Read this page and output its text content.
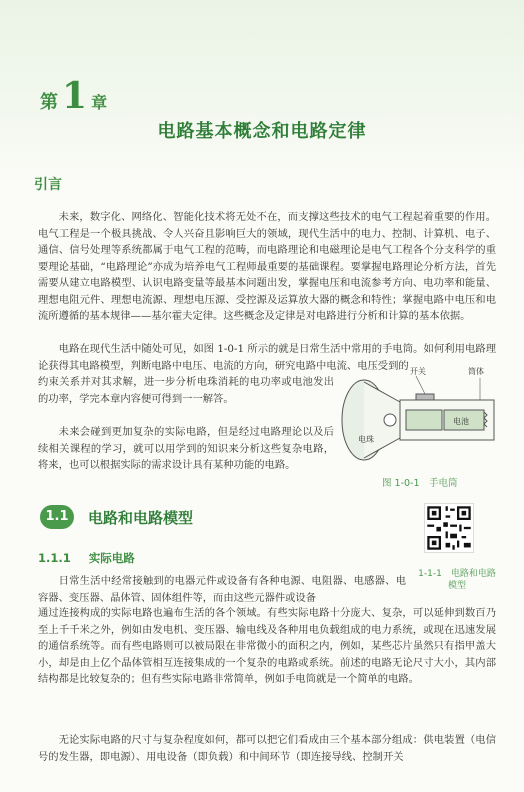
第 1 章
电路基本概念和电路定律
引言
未来，数字化、网络化、智能化技术将无处不在，而支撑这些技术的电气工程起着重要的作用。电气工程是一个极具挑战、令人兴奋且影响巨大的领域，现代生活中的电力、控制、计算机、电子、通信、信号处理等系统都属于电气工程的范畴，而电路理论和电磁理论是电气工程各个分支科学的重要理论基础，“电路理论”亦成为培养电气工程师最重要的基础课程。要掌握电路理论分析方法，首先需要从建立电路模型、认识电路变量等最基本问题出发，掌握电压和电流参考方向、电功率和能量、理想电阻元件、理想电流源、理想电压源、受控源及运算放大器的概念和特性；掌握电路中电压和电流所遵循的基本规律——基尔霍夫定律。这些概念及定律是对电路进行分析和计算的基本依据。
电路在现代生活中随处可见，如图 1-0-1 所示的就是日常生活中常用的手电筒。如何利用电路理论获得其电路模型，判断电路中电压、电流的方向，研究电路中电流、电压受到的
约束关系并对其求解，进一步分析电珠消耗的电功率或电池发出的功率，学完本章内容便可得到一一解答。
未来会碰到更加复杂的实际电路，但是经过电路理论以及后续相关课程的学习，就可以用学到的知识来分析这些复杂电路，将来，也可以根据实际的需求设计具有某种功能的电路。
开关	筒体
电珠
电池
图 1-0-1　手电筒
1.1	电路和电路模型
1.1.1 实际电路
1-1-1　电路和电路模型
日常生活中经常接触到的电器元件或设备有各种电源、电阻器、电感器、电容器、变压器、晶体管、固体组件等，而由这些元器件或设备
通过连接构成的实际电路也遍布生活的各个领域。有些实际电路十分庞大、复杂，可以延伸到数百乃至上千千米之外，例如由发电机、变压器、输电线及各种用电负载组成的电力系统，或现在迅速发展的通信系统等。而有些电路则可以被局限在非常微小的面积之内，例如，某些芯片虽然只有指甲盖大小，却是由上亿个晶体管相互连接集成的一个复杂的电路或系统。前述的电路无论尺寸大小，其内部结构都是比较复杂的；但有些实际电路非常简单，例如手电筒就是一个简单的电路。
无论实际电路的尺寸与复杂程度如何，都可以把它们看成由三个基本部分组成：供电装置（电信号的发生器，即电源）、用电设备（即负载）和中间环节（即连接导线、控制开关
